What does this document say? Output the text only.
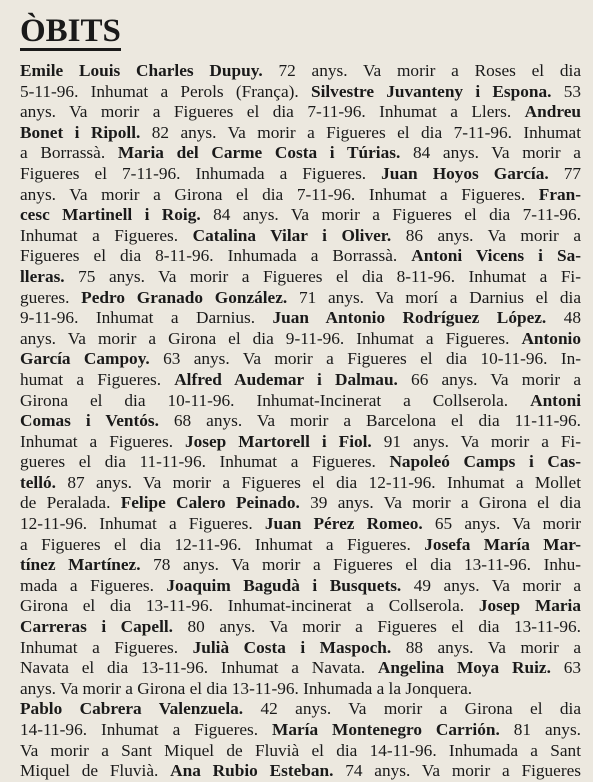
ÒBITS
Emile Louis Charles Dupuy. 72 anys. Va morir a Roses el dia
5-11-96. Inhumat a Perols (França). Silvestre Juvanteny i Espona. 53
anys. Va morir a Figueres el dia 7-11-96. Inhumat a Llers. Andreu
Bonet i Ripoll. 82 anys. Va morir a Figueres el dia 7-11-96. Inhumat
a Borrassà. Maria del Carme Costa i Túrias. 84 anys. Va morir a
Figueres el 7-11-96. Inhumada a Figueres. Juan Hoyos García. 77
anys. Va morir a Girona el dia 7-11-96. Inhumat a Figueres. Fran-
cesc Martinell i Roig. 84 anys. Va morir a Figueres el dia 7-11-96.
Inhumat a Figueres. Catalina Vilar i Oliver. 86 anys. Va morir a
Figueres el dia 8-11-96. Inhumada a Borrassà. Antoni Vicens i Sa-
lleras. 75 anys. Va morir a Figueres el dia 8-11-96. Inhumat a Fi-
gueres. Pedro Granado González. 71 anys. Va morí a Darnius el dia
9-11-96. Inhumat a Darnius. Juan Antonio Rodríguez López. 48
anys. Va morir a Girona el dia 9-11-96. Inhumat a Figueres. Antonio
García Campoy. 63 anys. Va morir a Figueres el dia 10-11-96. In-
humat a Figueres. Alfred Audemar i Dalmau. 66 anys. Va morir a
Girona el dia 10-11-96. Inhumat-Incinerat a Collserola. Antoni
Comas i Ventós. 68 anys. Va morir a Barcelona el dia 11-11-96.
Inhumat a Figueres. Josep Martorell i Fiol. 91 anys. Va morir a Fi-
gueres el dia 11-11-96. Inhumat a Figueres. Napoleó Camps i Cas-
telló. 87 anys. Va morir a Figueres el dia 12-11-96. Inhumat a Mollet
de Peralada. Felipe Calero Peinado. 39 anys. Va morir a Girona el dia
12-11-96. Inhumat a Figueres. Juan Pérez Romeo. 65 anys. Va morir
a Figueres el dia 12-11-96. Inhumat a Figueres. Josefa María Mar-
tínez Martínez. 78 anys. Va morir a Figueres el dia 13-11-96. Inhu-
mada a Figueres. Joaquim Bagudà i Busquets. 49 anys. Va morir a
Girona el dia 13-11-96. Inhumat-incinerat a Collserola. Josep Maria
Carreras i Capell. 80 anys. Va morir a Figueres el dia 13-11-96.
Inhumat a Figueres. Julià Costa i Maspoch. 88 anys. Va morir a
Navata el dia 13-11-96. Inhumat a Navata. Angelina Moya Ruiz. 63
anys. Va morir a Girona el dia 13-11-96. Inhumada a la Jonquera.
Pablo Cabrera Valenzuela. 42 anys. Va morir a Girona el dia
14-11-96. Inhumat a Figueres. María Montenegro Carrión. 81 anys.
Va morir a Sant Miquel de Fluvià el dia 14-11-96. Inhumada a Sant
Miquel de Fluvià. Ana Rubio Esteban. 74 anys. Va morir a Figueres
